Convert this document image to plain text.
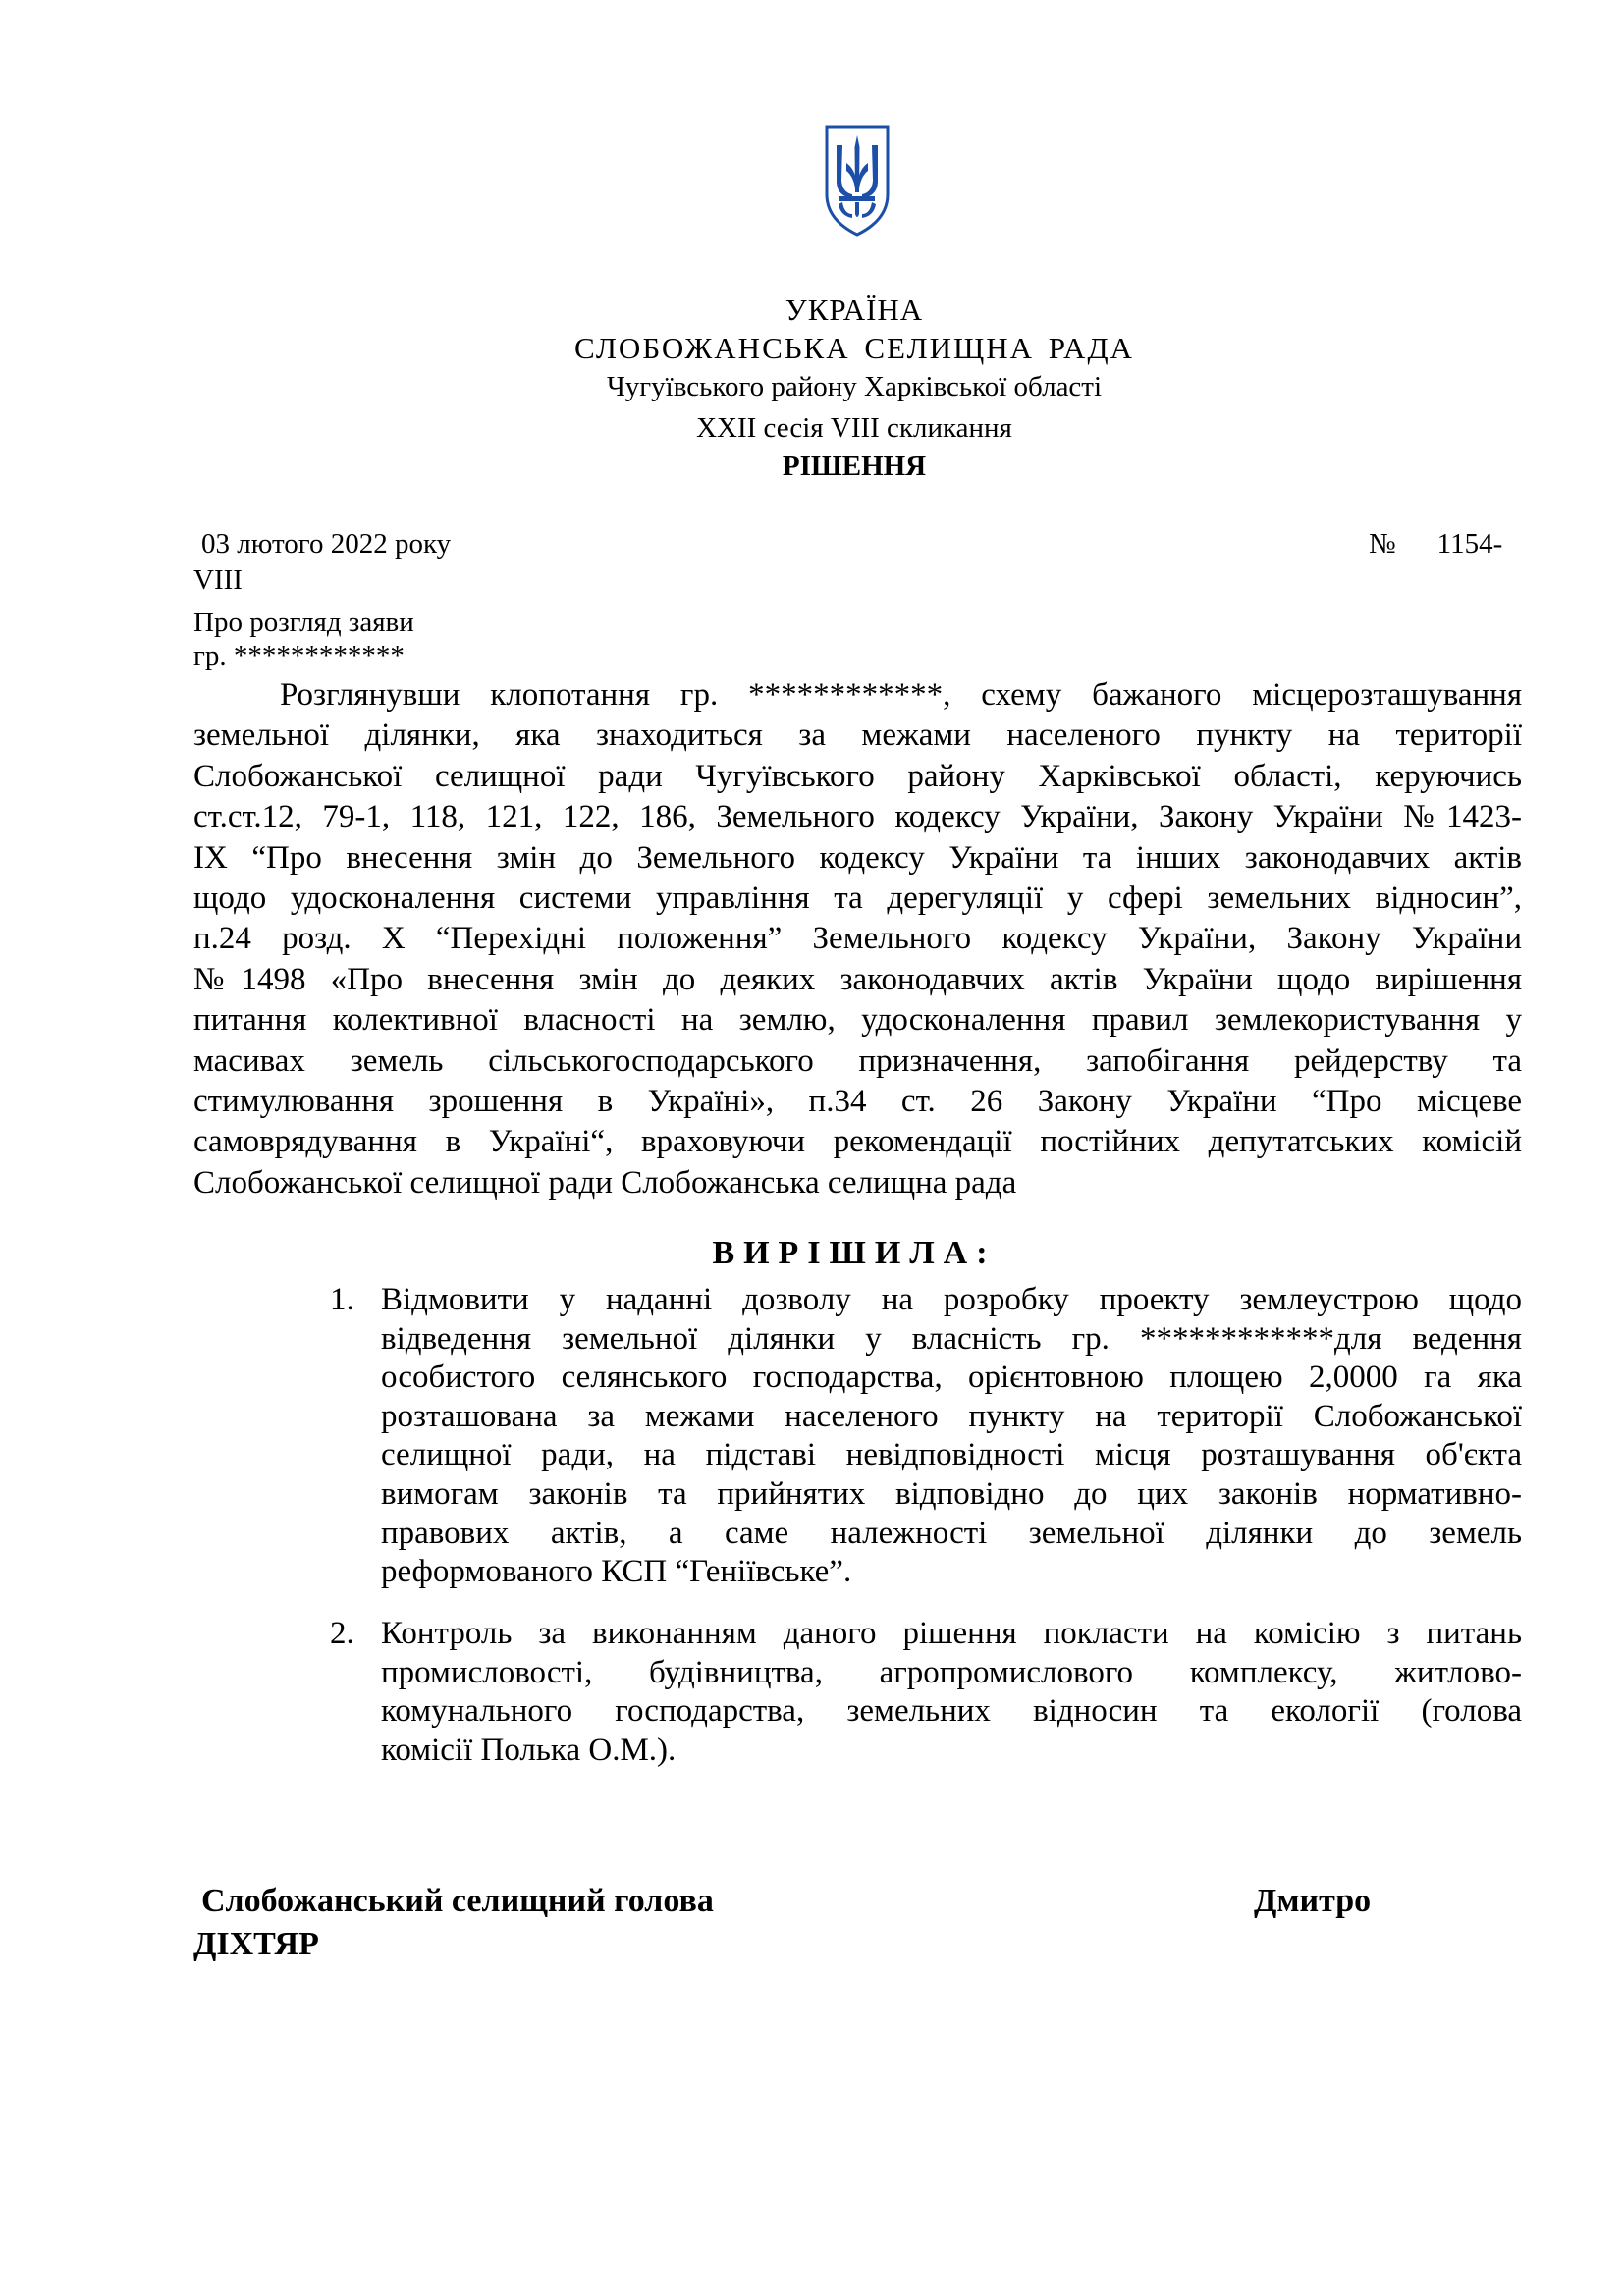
УКРАЇНА
СЛОБОЖАНСЬКА СЕЛИЩНА РАДА
Чугуївського району Харківської області
XXII сесія VIII скликання
РІШЕННЯ
03 лютого 2022 року	№ 1154-
VIII
Про розгляд заяви
гр. ************
Розглянувши клопотання гр. ************, схему бажаного місцерозташування
земельної ділянки, яка знаходиться за межами населеного пункту на території
Слобожанської селищної ради Чугуївського району Харківської області, керуючись
ст.ст.12, 79-1, 118, 121, 122, 186, Земельного кодексу України, Закону України №1423-
IX “Про внесення змін до Земельного кодексу України та інших законодавчих актів
щодо удосконалення системи управління та дерегуляції у сфері земельних відносин”,
п.24 розд. Х “Перехідні положення” Земельного кодексу України, Закону України
№1498 «Про внесення змін до деяких законодавчих актів України щодо вирішення
питання колективної власності на землю, удосконалення правил землекористування у
масивах земель сільськогосподарського призначення, запобігання рейдерству та
стимулювання зрошення в Україні», п.34 ст. 26 Закону України “Про місцеве
самоврядування в Україні“, враховуючи рекомендації постійних депутатських комісій
Слобожанської селищної ради Слобожанська селищна рада
ВИРІШИЛА:
1. Відмовити у наданні дозволу на розробку проекту землеустрою щодо
відведення земельної ділянки у власність гр. ************для ведення
особистого селянського господарства, орієнтовною площею 2,0000 га яка
розташована за межами населеного пункту на території Слобожанської
селищної ради, на підставі невідповідності місця розташування об'єкта
вимогам законів та прийнятих відповідно до цих законів нормативно-
правових актів, а саме належності земельної ділянки до земель
реформованого КСП “Геніївське”.
2. Контроль за виконанням даного рішення покласти на комісію з питань
промисловості, будівництва, агропромислового комплексу, житлово-
комунального господарства, земельних відносин та екології (голова
комісії Полька О.М.).
Слобожанський селищний голова	Дмитро
ДІХТЯР
